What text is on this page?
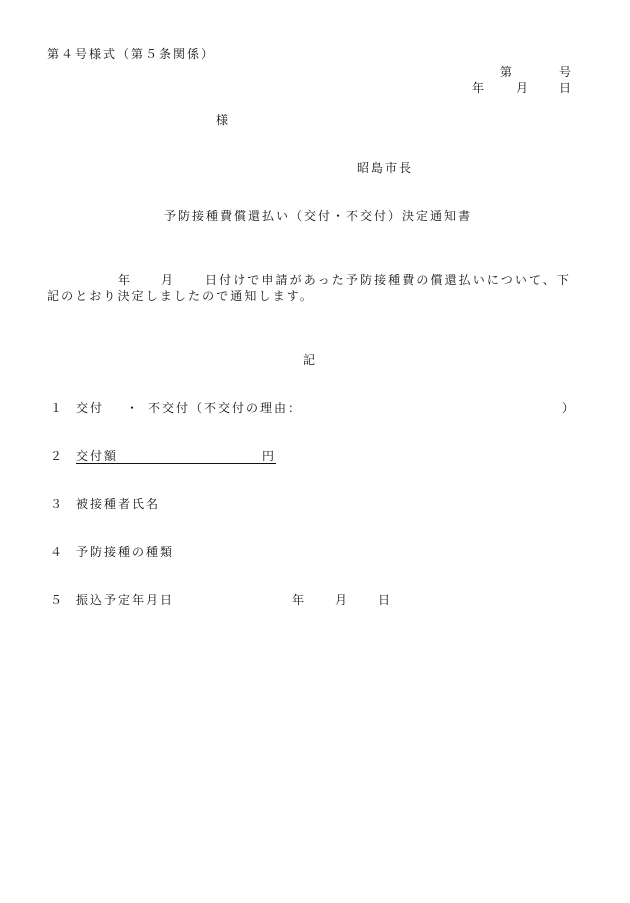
第４号様式（第５条関係）
第	号
年 月 日
様
昭島市長
予防接種費償還払い（交付・不交付）決定通知書
年 月 日付けで申請があった予防接種費の償還払いについて、下
記のとおり決定しましたので通知します。
記
１ 交付 ・ 不交付（不交付の理由：	）
２ 交付額	円
３ 被接種者氏名
４ 予防接種の種類
５ 振込予定年月日	年 月 日
